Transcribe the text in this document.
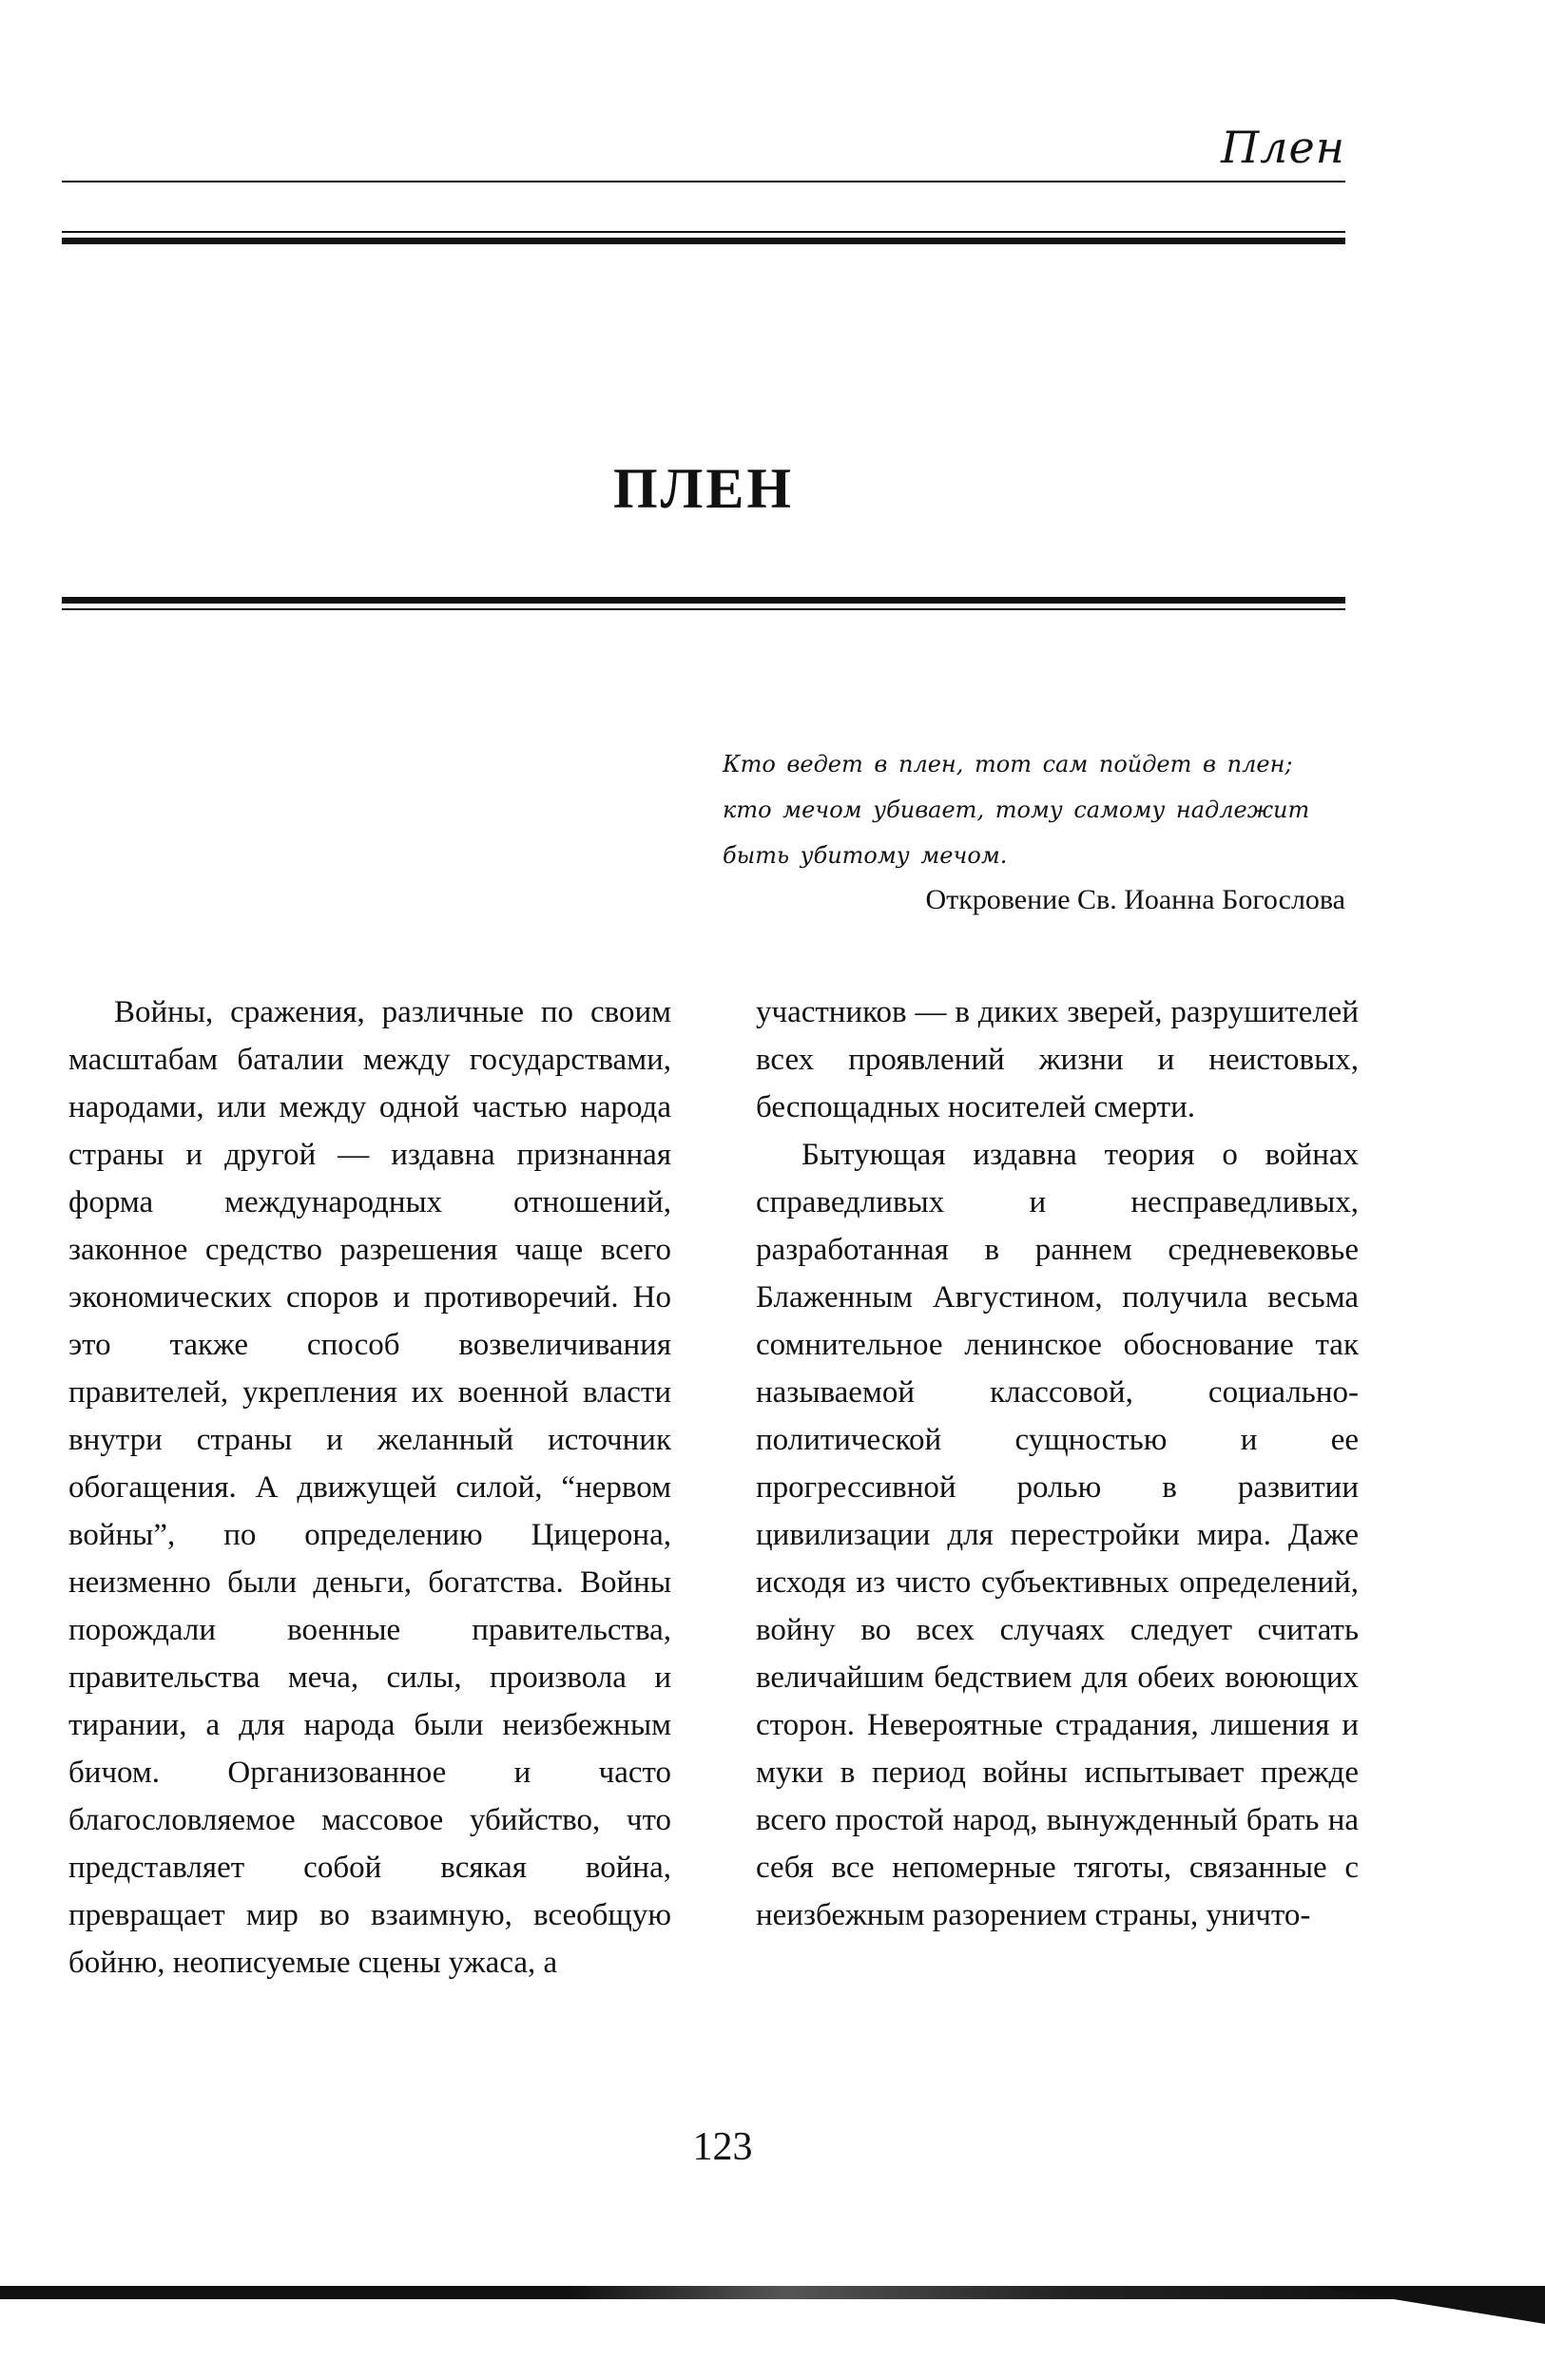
Плен
ПЛЕН
Кто ведет в плен, тот сам пойдет в плен; кто мечом убивает, тому самому надлежит быть убитому мечом.
Откровение Св. Иоанна Богослова

Войны, сражения, различные по своим масштабам баталии между государствами, народами, или между одной частью народа страны и другой — издавна признанная форма международных отношений, законное средство разрешения чаще всего экономических споров и противоречий. Но это также способ возвеличивания правителей, укрепления их военной власти внутри страны и желанный источник обогащения. А движущей силой, “нервом войны”, по определению Цицерона, неизменно были деньги, богатства. Войны порождали военные правительства, правительства меча, силы, произвола и тирании, а для народа были неизбежным бичом. Организованное и часто благословляемое массовое убийство, что представляет собой всякая война, превращает мир во взаимную, всеобщую бойню, неописуемые сцены ужаса, а

участников — в диких зверей, разрушителей всех проявлений жизни и неистовых, беспощадных носителей смерти.

Бытующая издавна теория о войнах справедливых и несправедливых, разработанная в раннем средневековье Блаженным Августином, получила весьма сомнительное ленинское обоснование так называемой классовой, социально-политической сущностью и ее прогрессивной ролью в развитии цивилизации для перестройки мира. Даже исходя из чисто субъективных определений, войну во всех случаях следует считать величайшим бедствием для обеих воюющих сторон. Невероятные страдания, лишения и муки в период войны испытывает прежде всего простой народ, вынужденный брать на себя все непомерные тяготы, связанные с неизбежным разорением страны, уничто-

123
